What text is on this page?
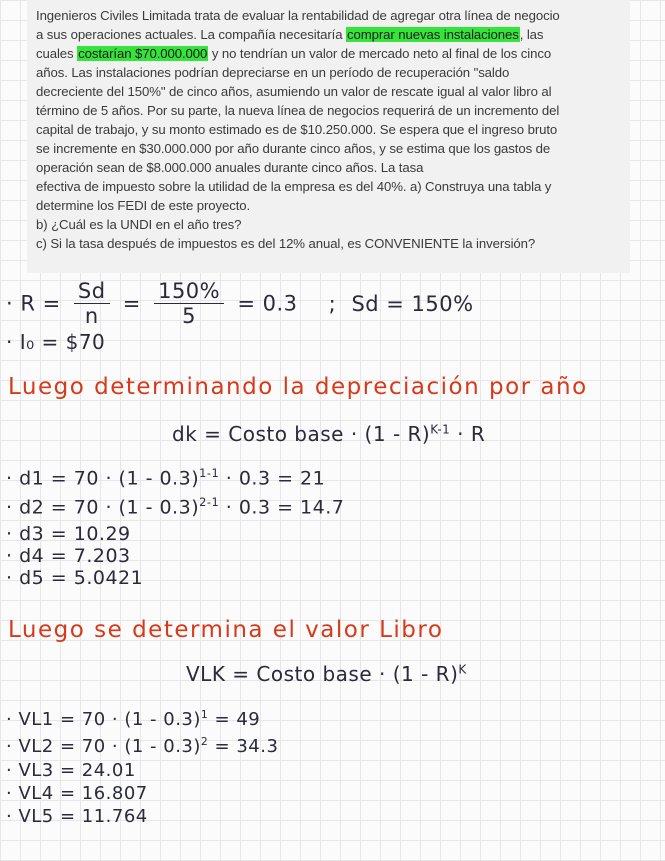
Ingenieros Civiles Limitada trata de evaluar la rentabilidad de agregar otra línea de negocio
a sus operaciones actuales. La compañía necesitaría comprar nuevas instalaciones, las
cuales costarían $70.000.000 y no tendrían un valor de mercado neto al final de los cinco
años. Las instalaciones podrían depreciarse en un período de recuperación "saldo
decreciente del 150%" de cinco años, asumiendo un valor de rescate igual al valor libro al
término de 5 años. Por su parte, la nueva línea de negocios requerirá de un incremento del
capital de trabajo, y su monto estimado es de $10.250.000. Se espera que el ingreso bruto
se incremente en $30.000.000 por año durante cinco años, y se estima que los gastos de
operación sean de $8.000.000 anuales durante cinco años. La tasa
efectiva de impuesto sobre la utilidad de la empresa es del 40%. a) Construya una tabla y
determine los FEDI de este proyecto.
b) ¿Cuál es la UNDI en el año tres?
c) Si la tasa después de impuestos es del 12% anual, es CONVENIENTE la inversión?
· $R = \frac{Sd}{n} = \frac{150\%}{5} = 0.3$ ; Sd = 150%
· I₀ = $70
Luego determinando la depreciación por año
dk = Costo base · (1 - R)$^{K-1}$ · R
· d1 = 70 · (1 - 0.3)$^{1-1}$ · 0.3 = 21
· d2 = 70 · (1 - 0.3)$^{2-1}$ · 0.3 = 14.7
· d3 = 10.29
· d4 = 7.203
· d5 = 5.0421
Luego se determina el valor Libro
VLK = Costo base · (1 - R)$^K$
· VL1 = 70 · (1 - 0.3)$^1$ = 49
· VL2 = 70 · (1 - 0.3)$^2$ = 34.3
· VL3 = 24.01
· VL4 = 16.807
· VL5 = 11.764
